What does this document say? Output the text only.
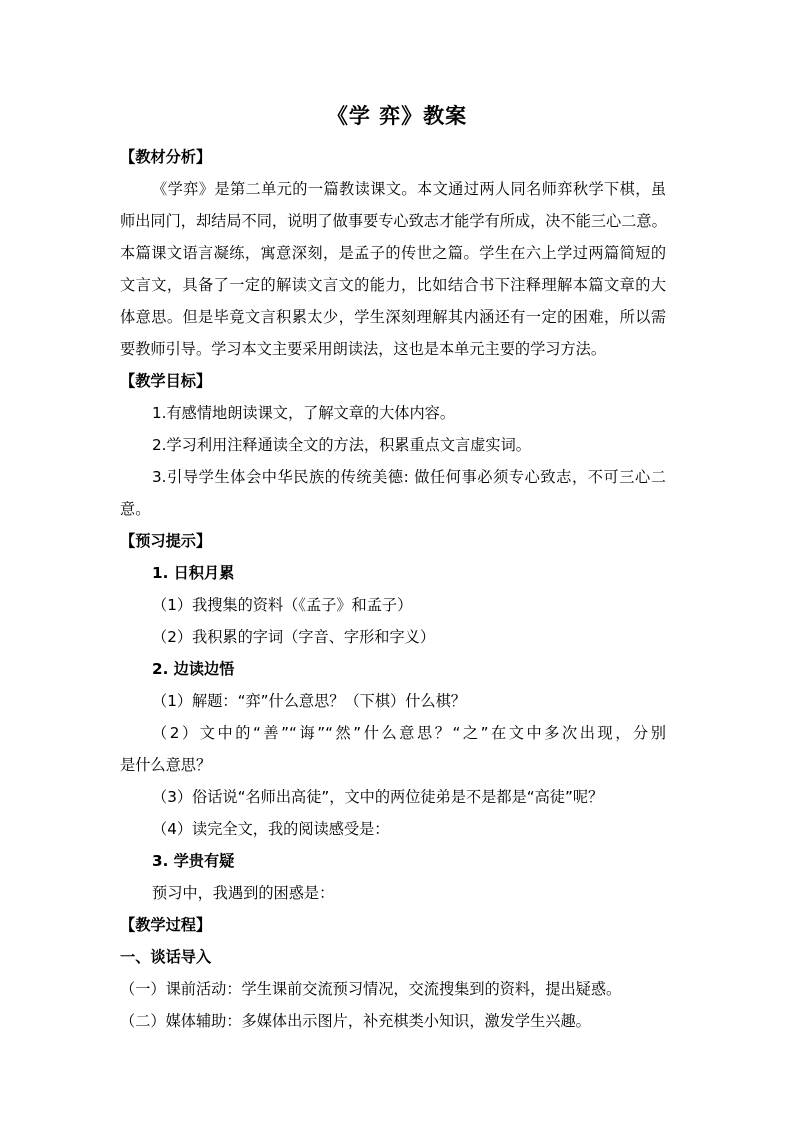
《学 弈》教案
【教材分析】
《学弈》是第二单元的一篇教读课文。本文通过两人同名师弈秋学下棋，虽
师出同门，却结局不同，说明了做事要专心致志才能学有所成，决不能三心二意。
本篇课文语言凝练，寓意深刻，是孟子的传世之篇。学生在六上学过两篇简短的
文言文，具备了一定的解读文言文的能力，比如结合书下注释理解本篇文章的大
体意思。但是毕竟文言积累太少，学生深刻理解其内涵还有一定的困难，所以需
要教师引导。学习本文主要采用朗读法，这也是本单元主要的学习方法。
【教学目标】
1.有感情地朗读课文，了解文章的大体内容。
2.学习利用注释通读全文的方法，积累重点文言虚实词。
3.引导学生体会中华民族的传统美德: 做任何事必须专心致志，不可三心二
意。
【预习提示】
1. 日积月累
（1）我搜集的资料（《孟子》和孟子）
（2）我积累的字词（字音、字形和字义）
2. 边读边悟
（1）解题：“弈”什么意思？（下棋）什么棋？
（2）文中的“善”“诲”“然”什么意思？“之”在文中多次出现，分别
是什么意思？
（3）俗话说“名师出高徒”，文中的两位徒弟是不是都是“高徒”呢？
（4）读完全文，我的阅读感受是：
3. 学贵有疑
预习中，我遇到的困惑是：
【教学过程】
一、谈话导入
（一）课前活动：学生课前交流预习情况，交流搜集到的资料，提出疑惑。
（二）媒体辅助：多媒体出示图片，补充棋类小知识，激发学生兴趣。
